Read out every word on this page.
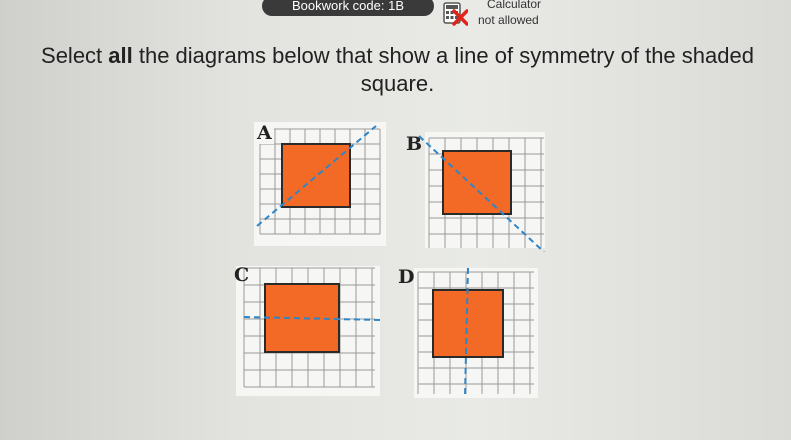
Bookwork code: 1B	Calculator
not allowed
Select all the diagrams below that show a line of symmetry of the shaded square.
A	B
C	D
